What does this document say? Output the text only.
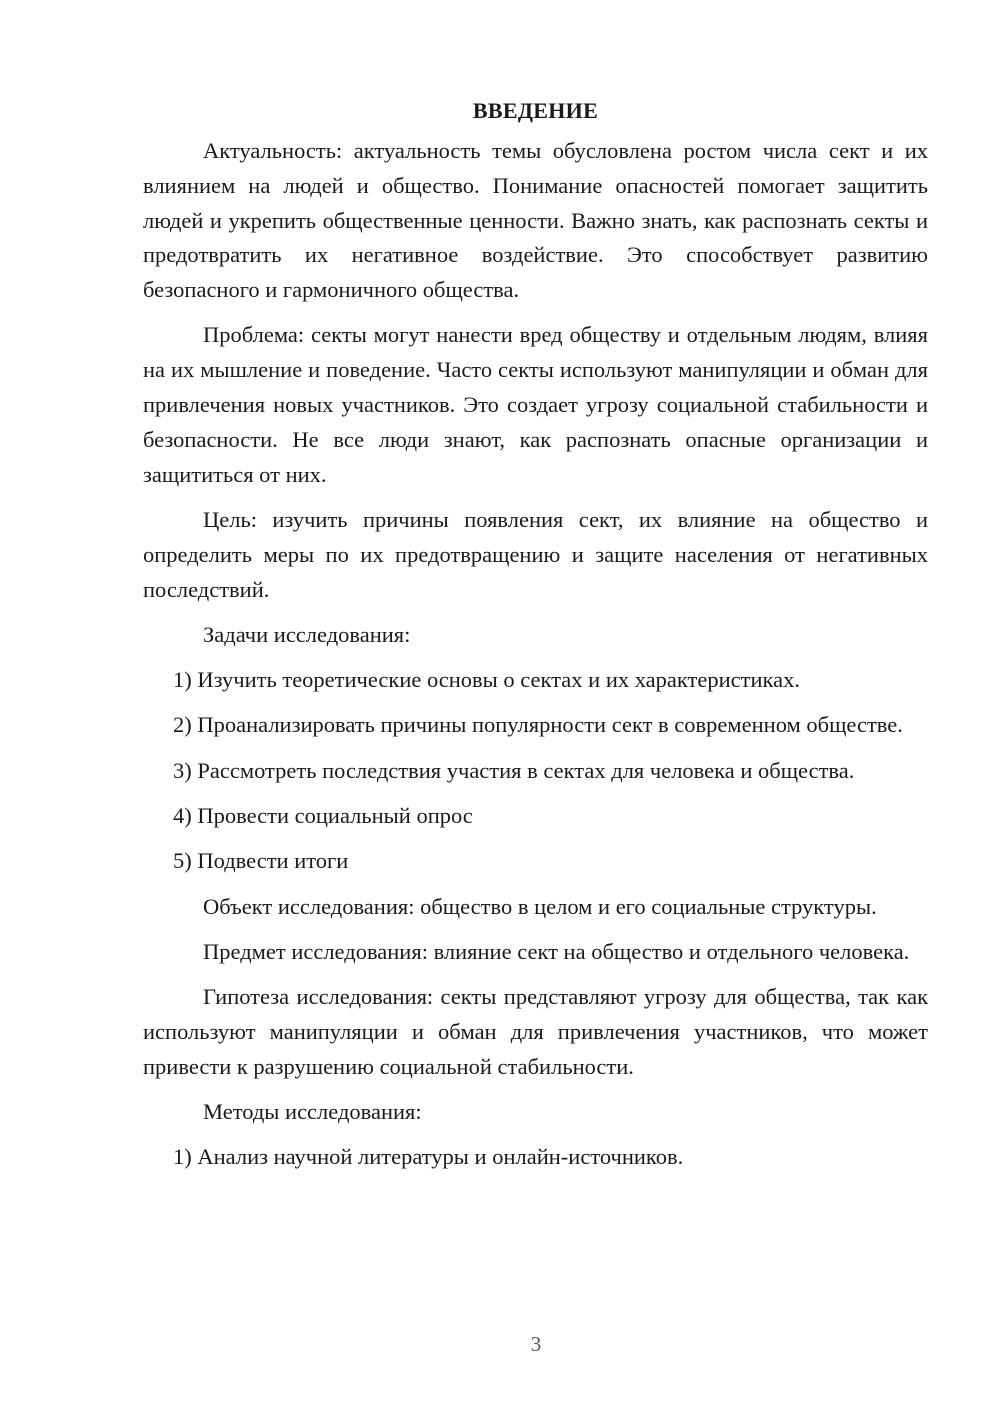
ВВЕДЕНИЕ

Актуальность: актуальность темы обусловлена ростом числа сект и их влиянием на людей и общество. Понимание опасностей помогает защитить людей и укрепить общественные ценности. Важно знать, как распознать секты и предотвратить их негативное воздействие. Это способствует развитию безопасного и гармоничного общества.

Проблема: секты могут нанести вред обществу и отдельным людям, влияя на их мышление и поведение. Часто секты используют манипуляции и обман для привлечения новых участников. Это создает угрозу социальной стабильности и безопасности. Не все люди знают, как распознать опасные организации и защититься от них.

Цель: изучить причины появления сект, их влияние на общество и определить меры по их предотвращению и защите населения от негативных последствий.

Задачи исследования:

1) Изучить теоретические основы о сектах и их характеристиках.

2) Проанализировать причины популярности сект в современном обществе.

3) Рассмотреть последствия участия в сектах для человека и общества.

4) Провести социальный опрос

5) Подвести итоги

Объект исследования: общество в целом и его социальные структуры.

Предмет исследования: влияние сект на общество и отдельного человека.

Гипотеза исследования: секты представляют угрозу для общества, так как используют манипуляции и обман для привлечения участников, что может привести к разрушению социальной стабильности.

Методы исследования:

1) Анализ научной литературы и онлайн-источников.

3
